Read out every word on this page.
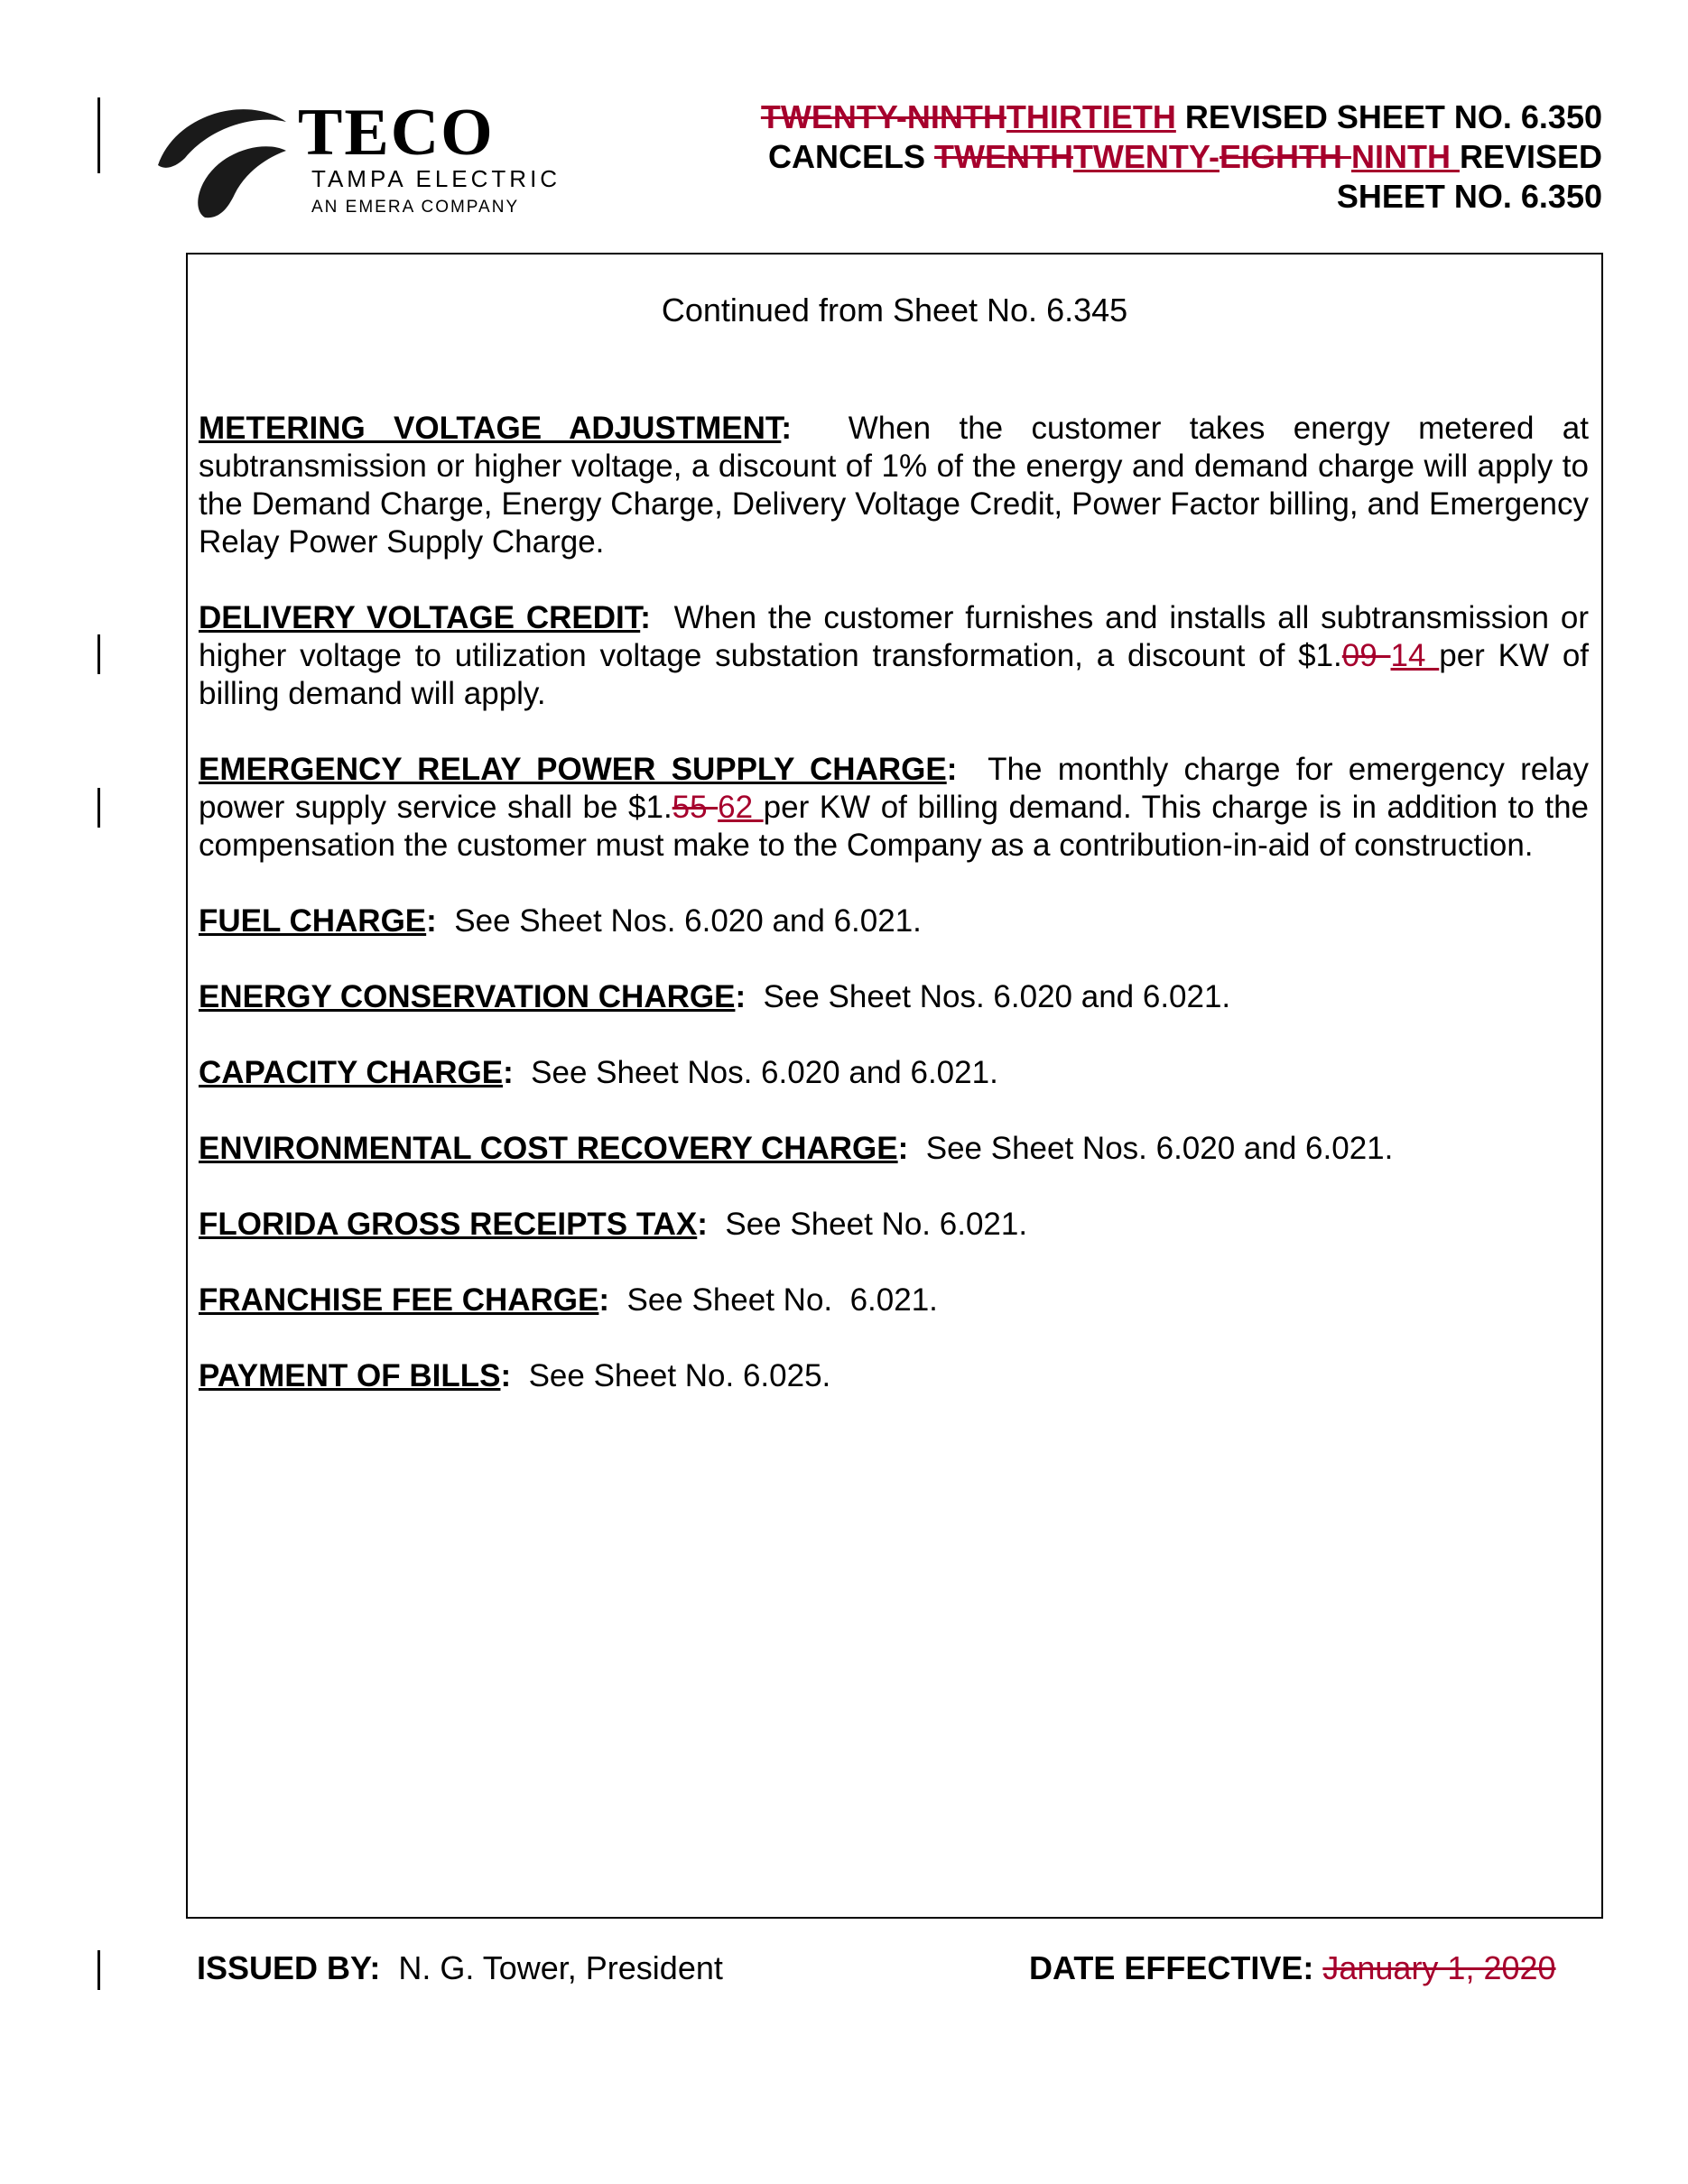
TECO
TAMPA ELECTRIC
AN EMERA COMPANY
TWENTY-NINTHTHIRTIETH REVISED SHEET NO. 6.350
CANCELS TWENTHTWENTY-EIGHTH NINTH REVISED
SHEET NO. 6.350
Continued from Sheet No. 6.345

METERING VOLTAGE ADJUSTMENT:  When the customer takes energy metered at subtransmission or higher voltage, a discount of 1% of the energy and demand charge will apply to the Demand Charge, Energy Charge, Delivery Voltage Credit, Power Factor billing, and Emergency Relay Power Supply Charge.

DELIVERY VOLTAGE CREDIT:  When the customer furnishes and installs all subtransmission or higher voltage to utilization voltage substation transformation, a discount of $1.09 14 per KW of billing demand will apply.

EMERGENCY RELAY POWER SUPPLY CHARGE:  The monthly charge for emergency relay power supply service shall be $1.55 62 per KW of billing demand. This charge is in addition to the compensation the customer must make to the Company as a contribution-in-aid of construction.

FUEL CHARGE:  See Sheet Nos. 6.020 and 6.021.

ENERGY CONSERVATION CHARGE:  See Sheet Nos. 6.020 and 6.021.

CAPACITY CHARGE:  See Sheet Nos. 6.020 and 6.021.

ENVIRONMENTAL COST RECOVERY CHARGE:  See Sheet Nos. 6.020 and 6.021.

FLORIDA GROSS RECEIPTS TAX:  See Sheet No. 6.021.

FRANCHISE FEE CHARGE:  See Sheet No.  6.021.

PAYMENT OF BILLS:  See Sheet No. 6.025.

ISSUED BY:  N. G. Tower, President	DATE EFFECTIVE: January 1, 2020
